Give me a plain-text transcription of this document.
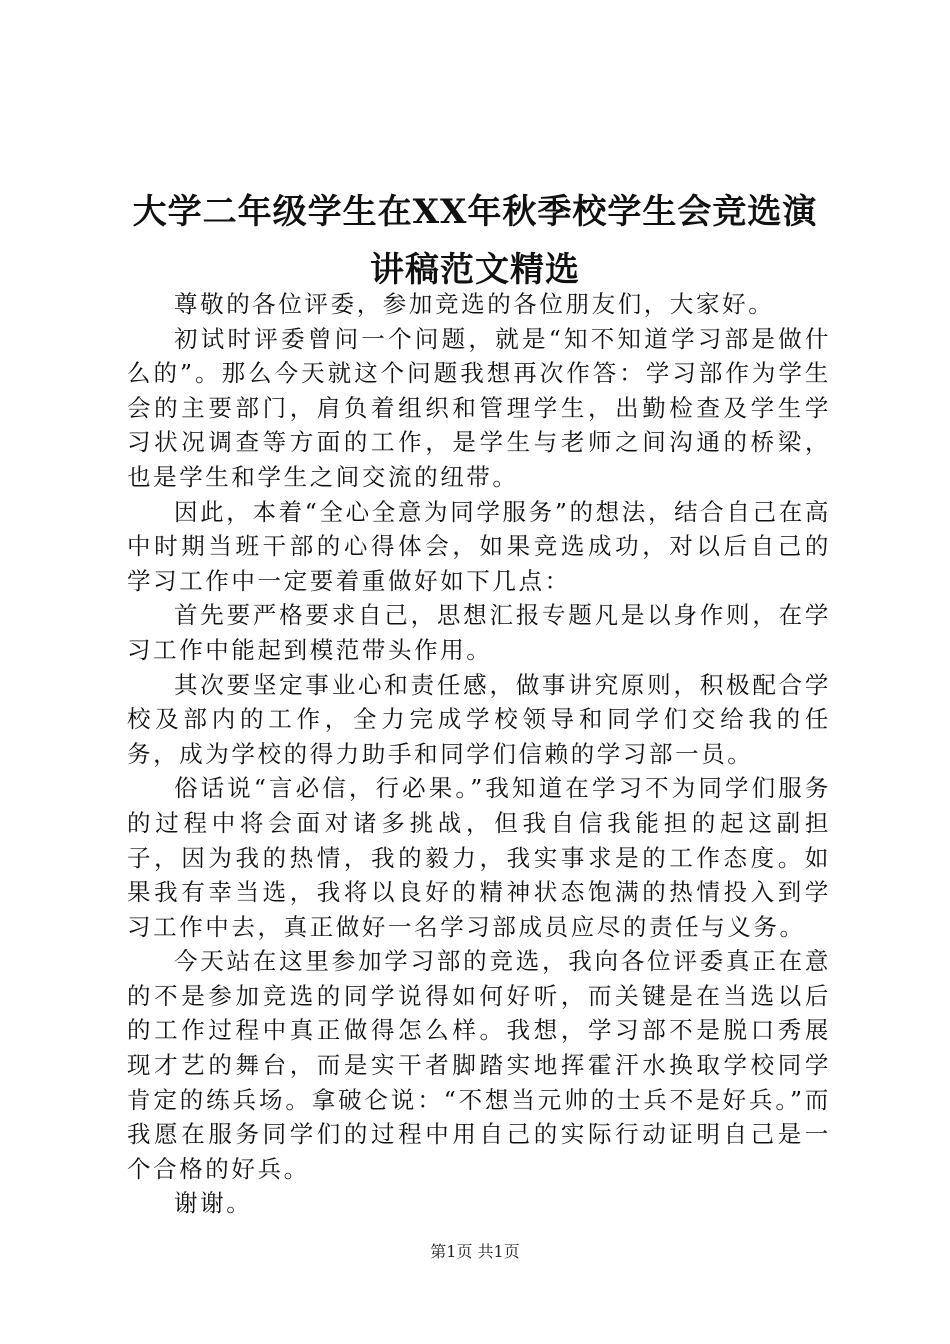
大学二年级学生在XX年秋季校学生会竞选演
讲稿范文精选

尊敬的各位评委，参加竞选的各位朋友们，大家好。

初试时评委曾问一个问题，就是“知不知道学习部是做什么的”。那么今天就这个问题我想再次作答：学习部作为学生会的主要部门，肩负着组织和管理学生，出勤检查及学生学习状况调查等方面的工作，是学生与老师之间沟通的桥梁，也是学生和学生之间交流的纽带。

因此，本着“全心全意为同学服务”的想法，结合自己在高中时期当班干部的心得体会，如果竞选成功，对以后自己的学习工作中一定要着重做好如下几点：

首先要严格要求自己，思想汇报专题凡是以身作则，在学习工作中能起到模范带头作用。

其次要坚定事业心和责任感，做事讲究原则，积极配合学校及部内的工作，全力完成学校领导和同学们交给我的任务，成为学校的得力助手和同学们信赖的学习部一员。

俗话说“言必信，行必果。”我知道在学习不为同学们服务的过程中将会面对诸多挑战，但我自信我能担的起这副担子，因为我的热情，我的毅力，我实事求是的工作态度。如果我有幸当选，我将以良好的精神状态饱满的热情投入到学习工作中去，真正做好一名学习部成员应尽的责任与义务。

今天站在这里参加学习部的竞选，我向各位评委真正在意的不是参加竞选的同学说得如何好听，而关键是在当选以后的工作过程中真正做得怎么样。我想，学习部不是脱口秀展现才艺的舞台，而是实干者脚踏实地挥霍汗水换取学校同学肯定的练兵场。拿破仑说：“不想当元帅的士兵不是好兵。”而我愿在服务同学们的过程中用自己的实际行动证明自己是一个合格的好兵。

谢谢。

第1页 共1页
